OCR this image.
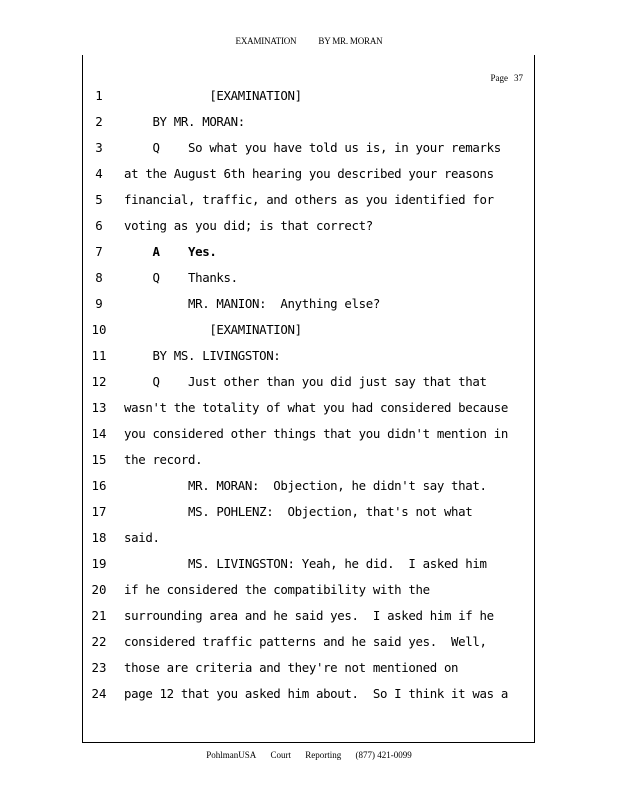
EXAMINATION BY MR. MORAN
Page 37
1	[EXAMINATION]
2	BY MR. MORAN:
3	Q    So what you have told us is, in your remarks
4	at the August 6th hearing you described your reasons
5	financial, traffic, and others as you identified for
6	voting as you did; is that correct?
7	A    Yes.
8	Q    Thanks.
9	MR. MANION:  Anything else?
10 [EXAMINATION]
11 BY MS. LIVINGSTON:
12 Q    Just other than you did just say that that
13 wasn't the totality of what you had considered because
14 you considered other things that you didn't mention in
15 the record.
16 MR. MORAN:  Objection, he didn't say that.
17 MS. POHLENZ:  Objection, that's not what
18 said.
19 MS. LIVINGSTON: Yeah, he did.  I asked him
20 if he considered the compatibility with the
21 surrounding area and he said yes.  I asked him if he
22 considered traffic patterns and he said yes.  Well,
23 those are criteria and they're not mentioned on
24 page 12 that you asked him about.  So I think it was a
PohlmanUSA Court Reporting (877) 421-0099
